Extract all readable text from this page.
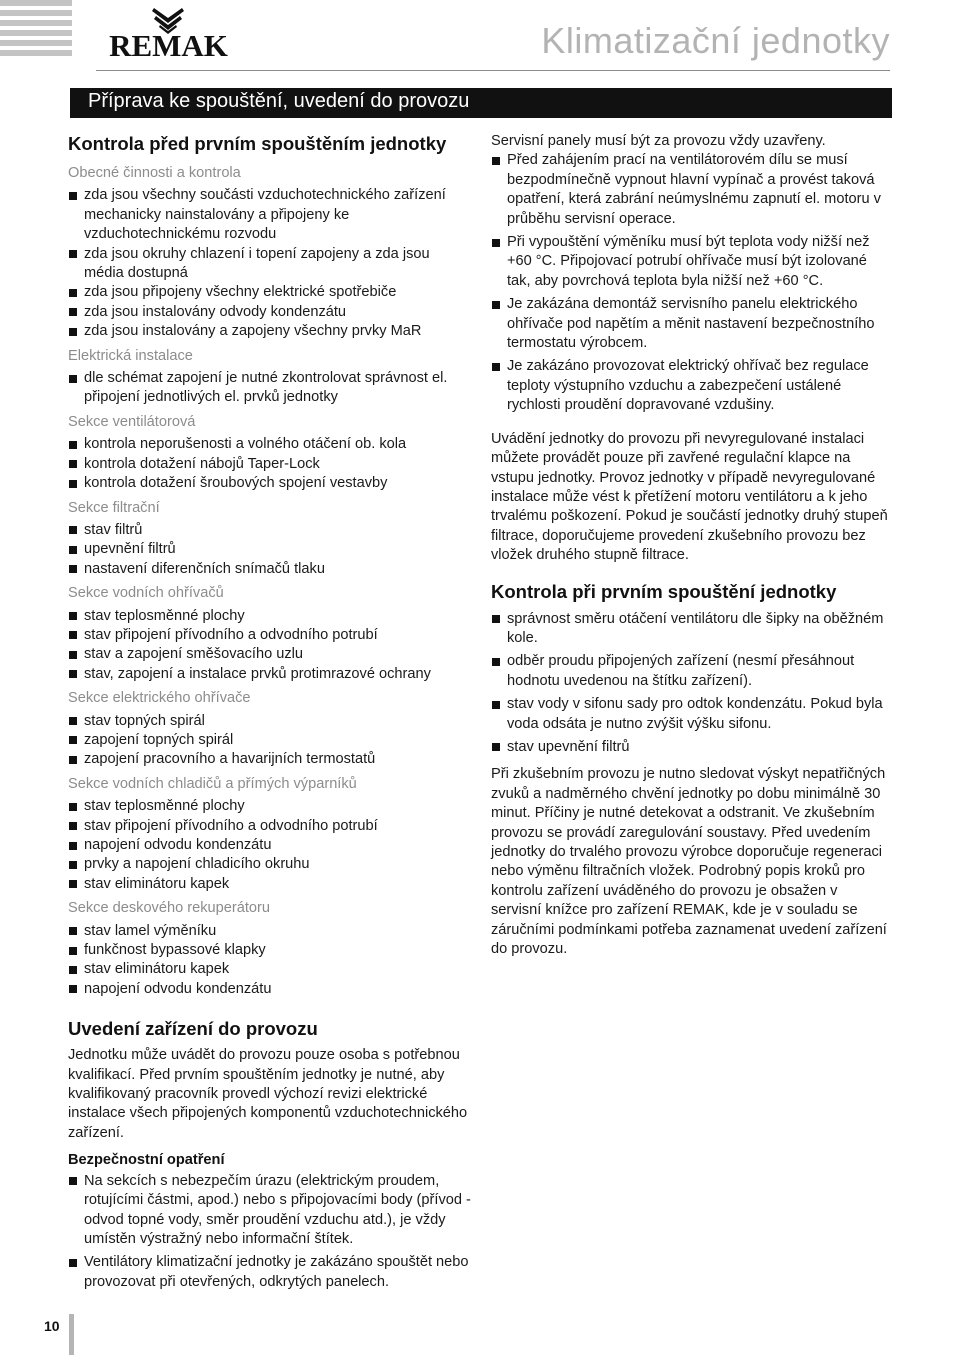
REMAK	Klimatizační jednotky
Příprava ke spouštění, uvedení do provozu
Kontrola před prvním spouštěním jednotky
Obecné činnosti a kontrola
zda jsou všechny součásti vzduchotechnického zařízení mechanicky nainstalovány a připojeny ke vzduchotechnickému rozvodu
zda jsou okruhy chlazení i topení zapojeny a zda jsou média dostupná
zda jsou připojeny všechny elektrické spotřebiče
zda jsou instalovány odvody kondenzátu
zda jsou instalovány a zapojeny všechny prvky MaR
Elektrická instalace
dle schémat zapojení je nutné zkontrolovat správnost el. připojení jednotlivých el. prvků jednotky
Sekce ventilátorová
kontrola neporušenosti a volného otáčení ob. kola
kontrola dotažení nábojů Taper-Lock
kontrola dotažení šroubových spojení vestavby
Sekce filtrační
stav filtrů
upevnění filtrů
nastavení diferenčních snímačů tlaku
Sekce vodních ohřívačů
stav teplosměnné plochy
stav připojení přívodního a odvodního potrubí
stav a zapojení směšovacího uzlu
stav, zapojení a instalace prvků protimrazové ochrany
Sekce elektrického ohřívače
stav topných spirál
zapojení topných spirál
zapojení pracovního a havarijních termostatů
Sekce vodních chladičů a přímých výparníků
stav teplosměnné plochy
stav připojení přívodního a odvodního potrubí
napojení odvodu kondenzátu
prvky a napojení chladicího okruhu
stav eliminátoru kapek
Sekce deskového rekuperátoru
stav lamel výměníku
funkčnost bypassové klapky
stav eliminátoru kapek
napojení odvodu kondenzátu
Uvedení zařízení do provozu

Jednotku může uvádět do provozu pouze osoba s potřebnou kvalifikací. Před prvním spouštěním jednotky je nutné, aby kvalifikovaný pracovník provedl výchozí revizi elektrické instalace všech připojených komponentů vzduchotechnického zařízení.

Bezpečnostní opatření
Na sekcích s nebezpečím úrazu (elektrickým proudem, rotujícími částmi, apod.) nebo s připojovacími body (přívod - odvod topné vody, směr proudění vzduchu atd.), je vždy umístěn výstražný nebo informační štítek.
Ventilátory klimatizační jednotky je zakázáno spouštět nebo provozovat při otevřených, odkrytých panelech.

Servisní panely musí být za provozu vždy uzavřeny.

Před zahájením prací na ventilátorovém dílu se musí bezpodmínečně vypnout hlavní vypínač a provést taková opatření, která zabrání neúmyslnému zapnutí el. motoru v průběhu servisní operace.
Při vypouštění výměníku musí být teplota vody nižší než +60 °C. Připojovací potrubí ohřívače musí být izolované tak, aby povrchová teplota byla nižší než +60 °C.
Je zakázána demontáž servisního panelu elektrického ohřívače pod napětím a měnit nastavení bezpečnostního termostatu výrobcem.
Je zakázáno provozovat elektrický ohřívač bez regulace teploty výstupního vzduchu a zabezpečení ustálené rychlosti proudění dopravované vzdušiny.

Uvádění jednotky do provozu při nevyregulované instalaci můžete provádět pouze při zavřené regulační klapce na vstupu jednotky. Provoz jednotky v případě nevyregulované instalace může vést k přetížení motoru ventilátoru a k jeho trvalému poškození. Pokud je součástí jednotky druhý stupeň filtrace, doporučujeme provedení zkušebního provozu bez vložek druhého stupně filtrace.

Kontrola při prvním spouštění jednotky
správnost směru otáčení ventilátoru dle šipky na oběžném kole.
odběr proudu připojených zařízení (nesmí přesáhnout hodnotu uvedenou na štítku zařízení).
stav vody v sifonu sady pro odtok kondenzátu. Pokud byla voda odsáta je nutno zvýšit výšku sifonu.
stav upevnění filtrů

Při zkušebním provozu je nutno sledovat výskyt nepatřičných zvuků a nadměrného chvění jednotky po dobu minimálně 30 minut. Příčiny je nutné detekovat a odstranit. Ve zkušebním provozu se provádí zaregulování soustavy. Před uvedením jednotky do trvalého provozu výrobce doporučuje regeneraci nebo výměnu filtračních vložek. Podrobný popis kroků pro kontrolu zařízení uváděného do provozu je obsažen v servisní knížce pro zařízení REMAK, kde je v souladu se záručními podmínkami potřeba zaznamenat uvedení zařízení do provozu.

10
